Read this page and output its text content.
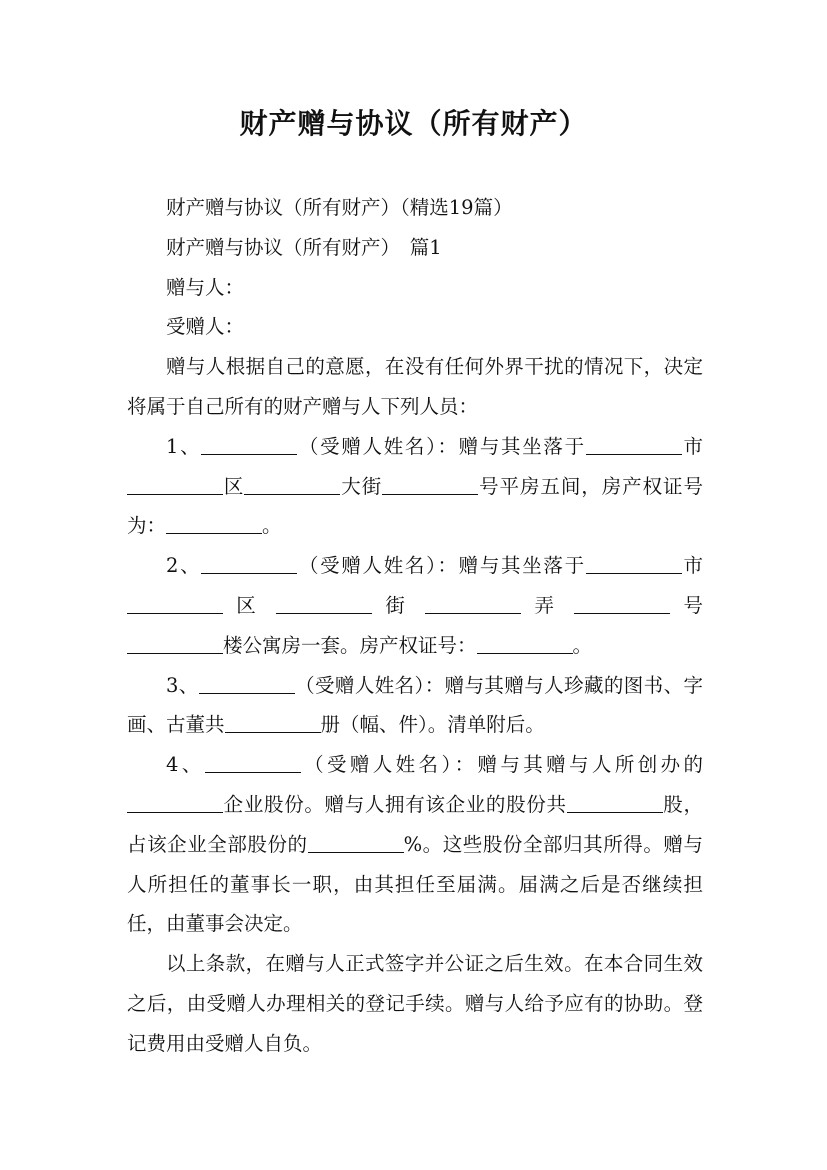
财产赠与协议（所有财产）

财产赠与协议（所有财产）（精选19篇）

财产赠与协议（所有财产）　篇1

赠与人：

受赠人：

赠与人根据自己的意愿，在没有任何外界干扰的情况下，决定将属于自己所有的财产赠与人下列人员：

1、	（受赠人姓名）：赠与其坐落于	市区	大街	号平房五间，房产权证号为：	。

2、	（受赠人姓名）：赠与其坐落于	市  区	街	弄	号楼公寓房一套。房产权证号：	。

3、	（受赠人姓名）：赠与其赠与人珍藏的图书、字画、古董共	册（幅、件）。清单附后。

4、	（受赠人姓名）：赠与其赠与人所创办的企业股份。赠与人拥有该企业的股份共	股，占该企业全部股份的	%。这些股份全部归其所得。赠与人所担任的董事长一职，由其担任至届满。届满之后是否继续担任，由董事会决定。

以上条款，在赠与人正式签字并公证之后生效。在本合同生效之后，由受赠人办理相关的登记手续。赠与人给予应有的协助。登记费用由受赠人自负。
